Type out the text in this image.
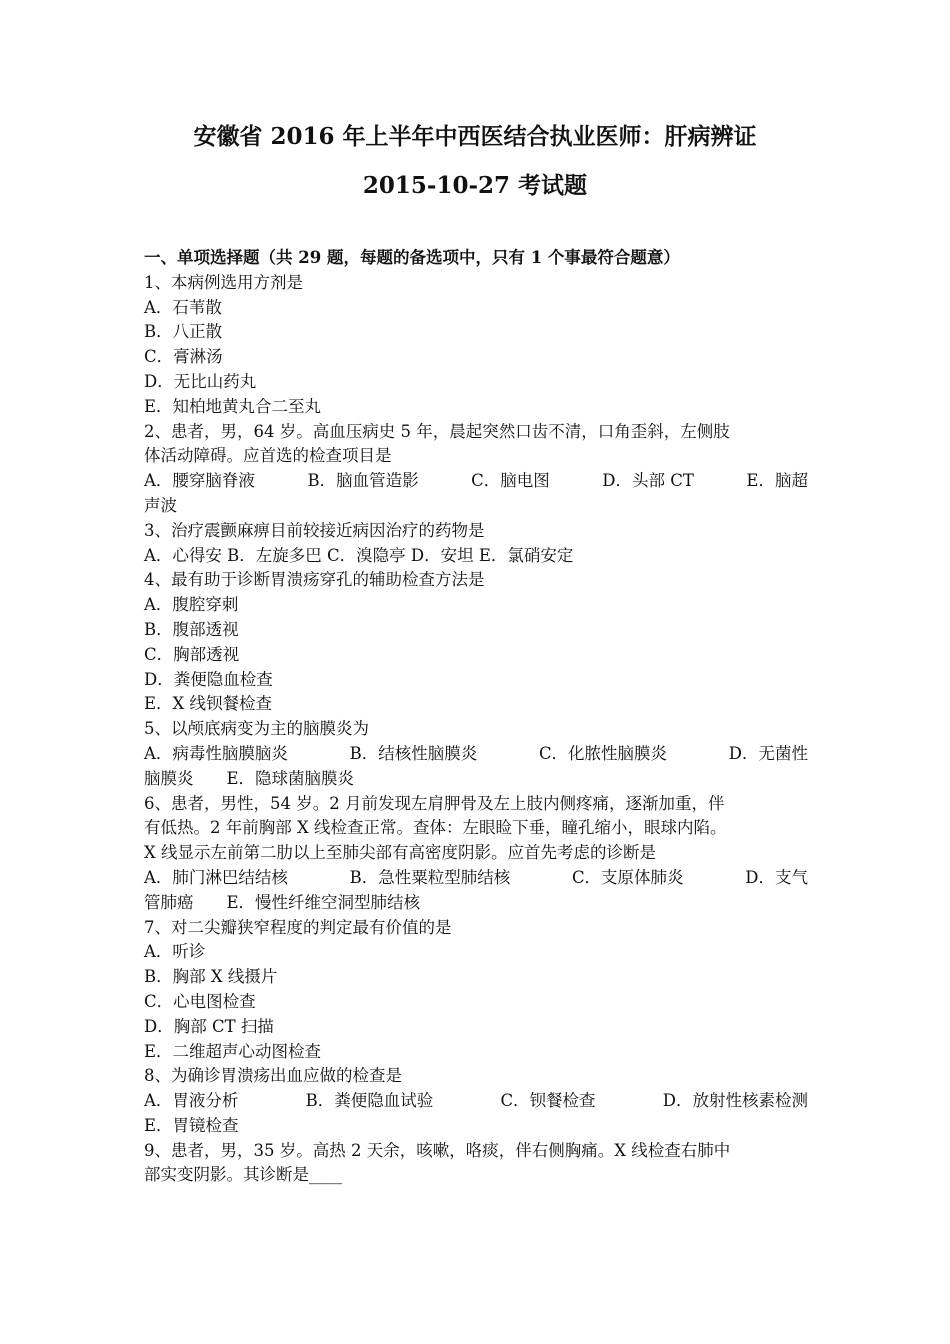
安徽省 2016 年上半年中西医结合执业医师：肝病辨证
2015-10-27 考试题
一、单项选择题（共 29 题，每题的备选项中，只有 1 个事最符合题意）
1、本病例选用方剂是
A．石苇散
B．八正散
C．膏淋汤
D．无比山药丸
E．知柏地黄丸合二至丸
2、患者，男，64 岁。高血压病史 5 年，晨起突然口齿不清，口角歪斜，左侧肢
体活动障碍。应首选的检查项目是
A．腰穿脑脊液	B．脑血管造影	C．脑电图	D．头部 CT	E．脑超
声波
3、治疗震颤麻痹目前较接近病因治疗的药物是
A．心得安 B．左旋多巴 C．溴隐亭 D．安坦 E．氯硝安定
4、最有助于诊断胃溃疡穿孔的辅助检查方法是
A．腹腔穿刺
B．腹部透视
C．胸部透视
D．粪便隐血检查
E．X 线钡餐检查
5、以颅底病变为主的脑膜炎为
A．病毒性脑膜脑炎	B．结核性脑膜炎	C．化脓性脑膜炎	D．无菌性
脑膜炎　　E．隐球菌脑膜炎
6、患者，男性，54 岁。2 月前发现左肩胛骨及左上肢内侧疼痛，逐渐加重，伴
有低热。2 年前胸部 X 线检查正常。查体：左眼睑下垂，瞳孔缩小，眼球内陷。
X 线显示左前第二肋以上至肺尖部有高密度阴影。应首先考虑的诊断是
A．肺门淋巴结结核	B．急性粟粒型肺结核	C．支原体肺炎	D．支气
管肺癌　　E．慢性纤维空洞型肺结核
7、对二尖瓣狭窄程度的判定最有价值的是
A．听诊
B．胸部 X 线摄片
C．心电图检查
D．胸部 CT 扫描
E．二维超声心动图检查
8、为确诊胃溃疡出血应做的检查是
A．胃液分析	B．粪便隐血试验	C．钡餐检查	D．放射性核素检测
E．胃镜检查
9、患者，男，35 岁。高热 2 天余，咳嗽，咯痰，伴右侧胸痛。X 线检查右肺中
部实变阴影。其诊断是____
